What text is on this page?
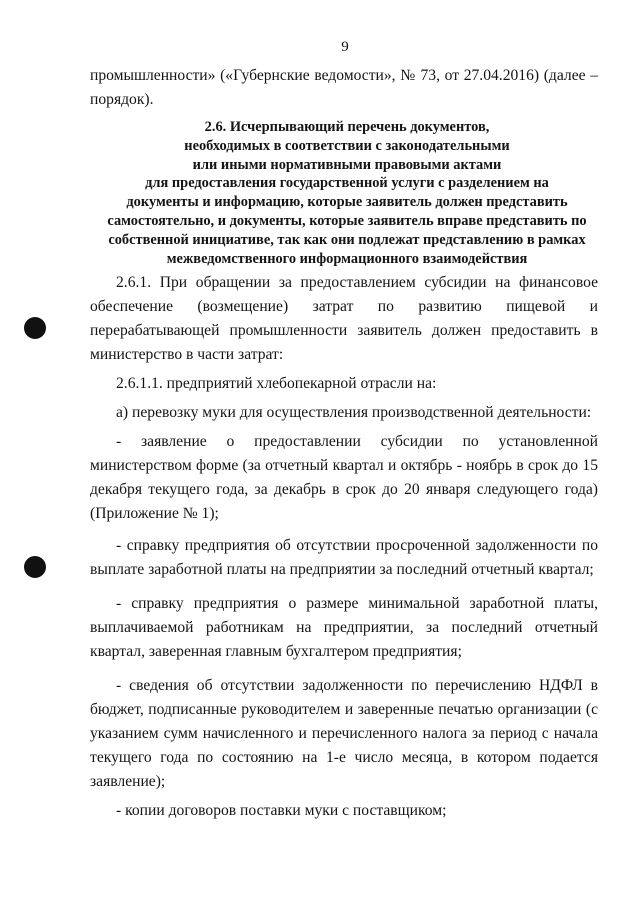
9

промышленности» («Губернские ведомости», № 73, от 27.04.2016) (далее – порядок).

2.6. Исчерпывающий перечень документов,
необходимых в соответствии с законодательными
или иными нормативными правовыми актами
для предоставления государственной услуги с разделением на
документы и информацию, которые заявитель должен представить
самостоятельно, и документы, которые заявитель вправе представить по
собственной инициативе, так как они подлежат представлению в рамках
межведомственного информационного взаимодействия

2.6.1. При обращении за предоставлением субсидии на финансовое обеспечение (возмещение) затрат по развитию пищевой и перерабатывающей промышленности заявитель должен предоставить в министерство в части затрат:

2.6.1.1. предприятий хлебопекарной отрасли на:

а) перевозку муки для осуществления производственной деятельности:

- заявление о предоставлении субсидии по установленной министерством форме (за отчетный квартал и октябрь - ноябрь в срок до 15 декабря текущего года, за декабрь в срок до 20 января следующего года) (Приложение № 1);

- справку предприятия об отсутствии просроченной задолженности по выплате заработной платы на предприятии за последний отчетный квартал;

- справку предприятия о размере минимальной заработной платы, выплачиваемой работникам на предприятии, за последний отчетный квартал, заверенная главным бухгалтером предприятия;

- сведения об отсутствии задолженности по перечислению НДФЛ в бюджет, подписанные руководителем и заверенные печатью организации (с указанием сумм начисленного и перечисленного налога за период с начала текущего года по состоянию на 1-е число месяца, в котором подается заявление);

- копии договоров поставки муки с поставщиком;
